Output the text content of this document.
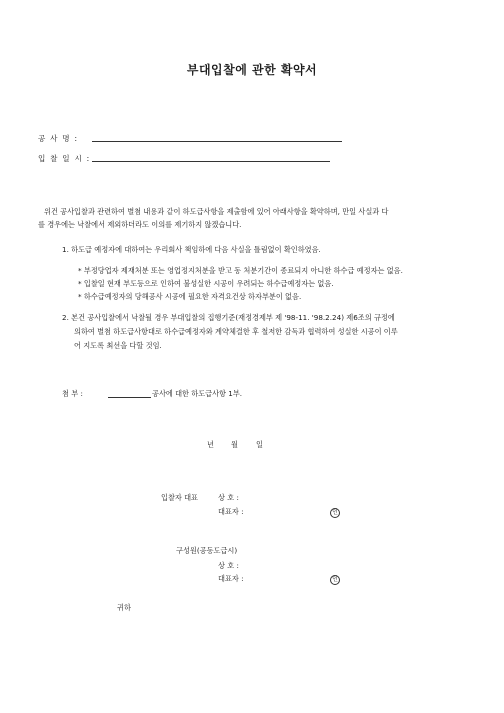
부대입찰에 관한 확약서
공 사 명 :
입 찰 일 시 :
위건 공사입찰과 관련하여 별첨 내용과 같이 하도급사항을 제출함에 있어 아래사항을 확약하며, 만일 사실과 다
를 경우에는 낙찰에서 제외하더라도 이의를 제기하지 않겠습니다.
1. 하도급 예정자에 대하여는 우리회사 책임하에 다음 사실을 틀림없이 확인하였음.
* 부정당업자 제재처분 또는 영업정지처분을 받고 동 처분기간이 종료되지 아니한 하수급 예정자는 없음.
* 입찰일 현재 부도등으로 인하여 불성실한 시공이 우려되는 하수급예정자는 없음.
* 하수급예정자의 당해공사 시공에 필요한 자격요건상 하자부분이 없음.
2. 본건 공사입찰에서 낙찰될 경우 부대입찰의 집행기준(재정경제부 제 '98-11. '98.2.24) 제6조의 규정에
의하여 별첨 하도급사항대로 하수급예정자와 계약체결한 후 철저한 감독과 협력하여 성실한 시공이 이루
어 지도록 최선을 다할 것임.
첨 부 :	공사에 대한 하도급사항 1부.
년 월	일
입찰자 대표	상 호 :
대표자 :	인
구성원(공동도급시)
상 호 :
대표자 :	인
귀하
